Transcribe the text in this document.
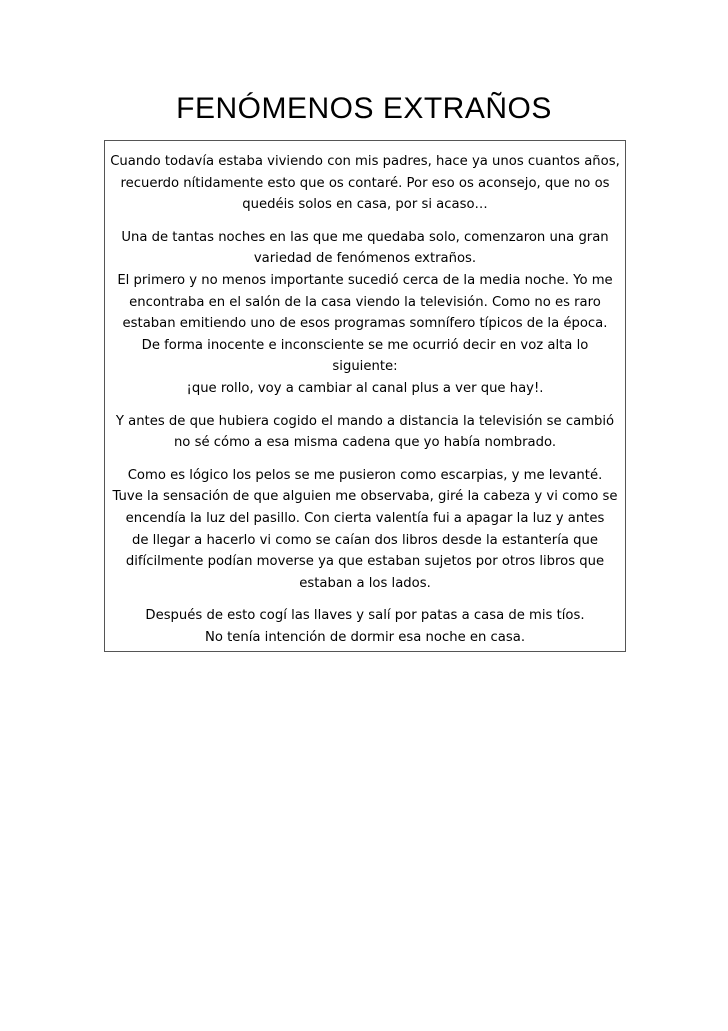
FENÓMENOS EXTRAÑOS

Cuando todavía estaba viviendo con mis padres, hace ya unos cuantos años,
recuerdo nítidamente esto que os contaré. Por eso os aconsejo, que no os
quedéis solos en casa, por si acaso…

Una de tantas noches en las que me quedaba solo, comenzaron una gran
variedad de fenómenos extraños.
El primero y no menos importante sucedió cerca de la media noche. Yo me
encontraba en el salón de la casa viendo la televisión. Como no es raro
estaban emitiendo uno de esos programas somnífero típicos de la época.
De forma inocente e inconsciente se me ocurrió decir en voz alta lo
siguiente:
¡que rollo, voy a cambiar al canal plus a ver que hay!.

Y antes de que hubiera cogido el mando a distancia la televisión se cambió
no sé cómo a esa misma cadena que yo había nombrado.

Como es lógico los pelos se me pusieron como escarpias, y me levanté.
Tuve la sensación de que alguien me observaba, giré la cabeza y vi como se
encendía la luz del pasillo. Con cierta valentía fui a apagar la luz y antes
de llegar a hacerlo vi como se caían dos libros desde la estantería que
difícilmente podían moverse ya que estaban sujetos por otros libros que
estaban a los lados.

Después de esto cogí las llaves y salí por patas a casa de mis tíos.
No tenía intención de dormir esa noche en casa.
